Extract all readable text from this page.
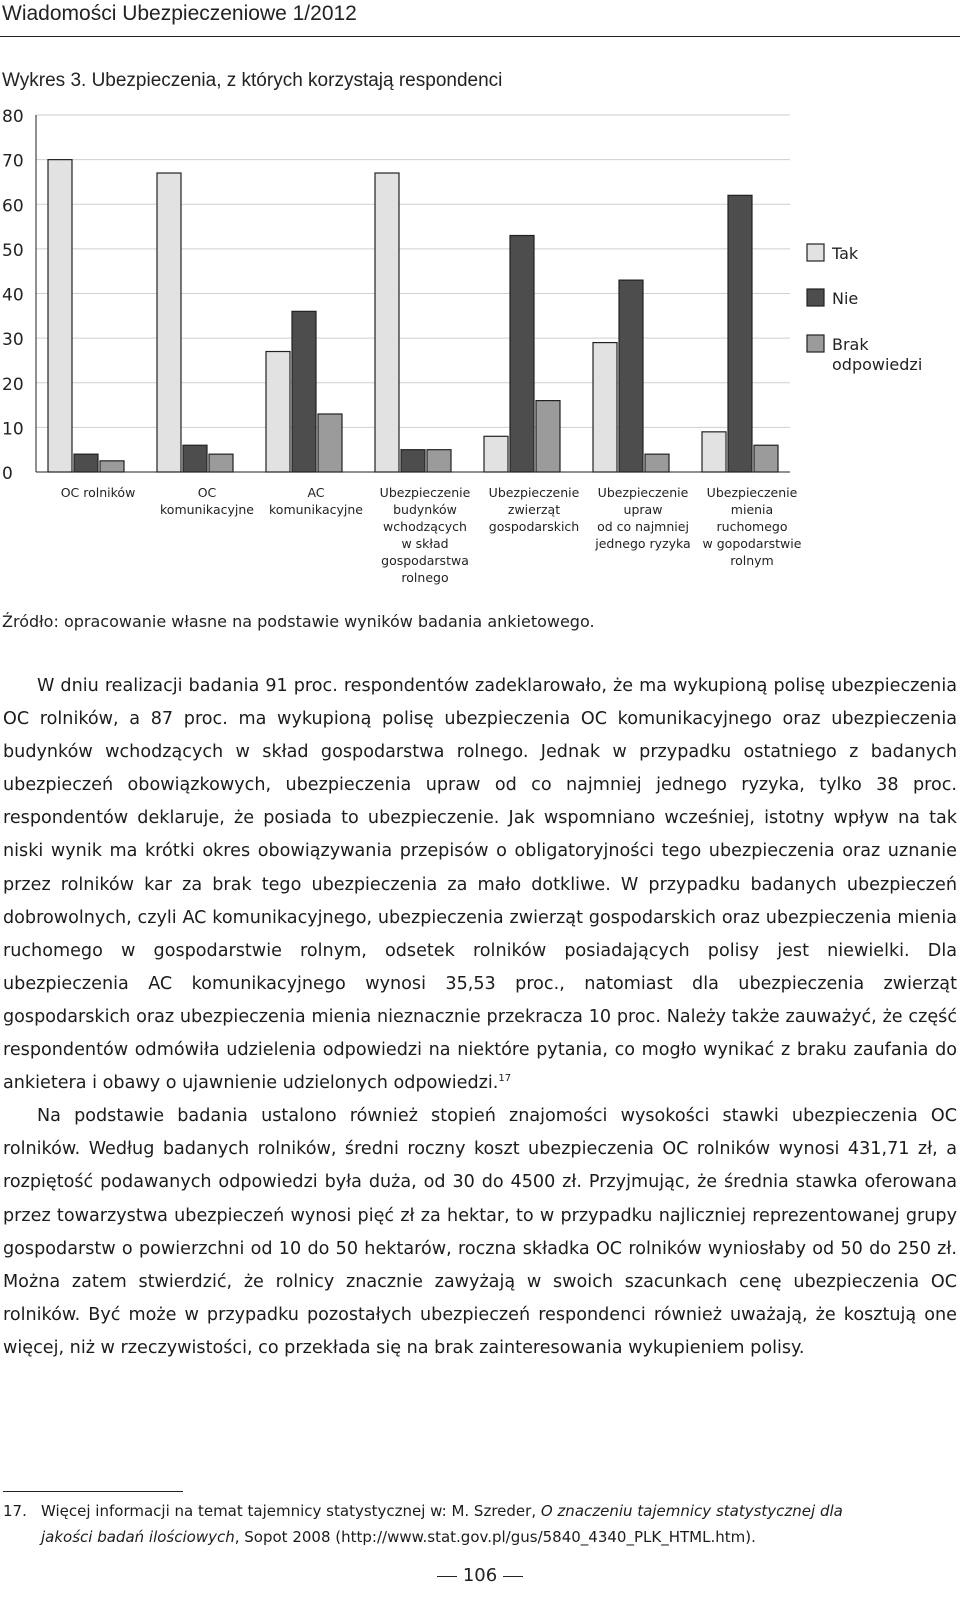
Wiadomości Ubezpieczeniowe 1/2012
Wykres 3. Ubezpieczenia, z których korzystają respondenci
0
10
20
30
40
50
60
70
80
OC rolników	OC
komunikacyjne
AC
komunikacyjne
Ubezpieczenie
budynków
wchodzących
w skład
gospodarstwa
rolnego
Ubezpieczenie
zwierząt
gospodarskich
Ubezpieczenie
upraw
od co najmniej
jednego ryzyka
Ubezpieczenie
mienia
ruchomego
w gopodarstwie
rolnym
Tak
Nie
Brak
odpowiedzi
Źródło: opracowanie własne na podstawie wyników badania ankietowego.

W dniu realizacji badania 91 proc. respondentów zadeklarowało, że ma wykupioną polisę ubezpieczenia OC rolników, a 87 proc. ma wykupioną polisę ubezpieczenia OC komunikacyjnego oraz ubezpieczenia budynków wchodzących w skład gospodarstwa rolnego. Jednak w przypadku ostatniego z badanych ubezpieczeń obowiązkowych, ubezpieczenia upraw od co najmniej jednego ryzyka, tylko 38 proc. respondentów deklaruje, że posiada to ubezpieczenie. Jak wspomniano wcześniej, istotny wpływ na tak niski wynik ma krótki okres obowiązywania przepisów o obligatoryjności tego ubezpieczenia oraz uznanie przez rolników kar za brak tego ubezpieczenia za mało dotkliwe. W przypadku badanych ubezpieczeń dobrowolnych, czyli AC komunikacyjnego, ubezpieczenia zwierząt gospodarskich oraz ubezpieczenia mienia ruchomego w gospodarstwie rolnym, odsetek rolników posiadających polisy jest niewielki. Dla ubezpieczenia AC komunikacyjnego wynosi 35,53 proc., natomiast dla ubezpieczenia zwierząt gospodarskich oraz ubezpieczenia mienia nieznacznie przekracza 10 proc. Należy także zauważyć, że część respondentów odmówiła udzielenia odpowiedzi na niektóre pytania, co mogło wynikać z braku zaufania do ankietera i obawy o ujawnienie udzielonych odpowiedzi.$^{17}$

Na podstawie badania ustalono również stopień znajomości wysokości stawki ubezpieczenia OC rolników. Według badanych rolników, średni roczny koszt ubezpieczenia OC rolników wynosi 431,71 zł, a rozpiętość podawanych odpowiedzi była duża, od 30 do 4500 zł. Przyjmując, że średnia stawka oferowana przez towarzystwa ubezpieczeń wynosi pięć zł za hektar, to w przypadku najliczniej reprezentowanej grupy gospodarstw o powierzchni od 10 do 50 hektarów, roczna składka OC rolników wyniosłaby od 50 do 250 zł. Można zatem stwierdzić, że rolnicy znacznie zawyżają w swoich szacunkach cenę ubezpieczenia OC rolników. Być może w przypadku pozostałych ubezpieczeń respondenci również uważają, że kosztują one więcej, niż w rzeczywistości, co przekłada się na brak zainteresowania wykupieniem polisy.

17. Więcej informacji na temat tajemnicy statystycznej w: M. Szreder, O znaczeniu tajemnicy statystycznej dla
jakości badań ilościowych, Sopot 2008 (http://www.stat.gov.pl/gus/5840_4340_PLK_HTML.htm).
106
